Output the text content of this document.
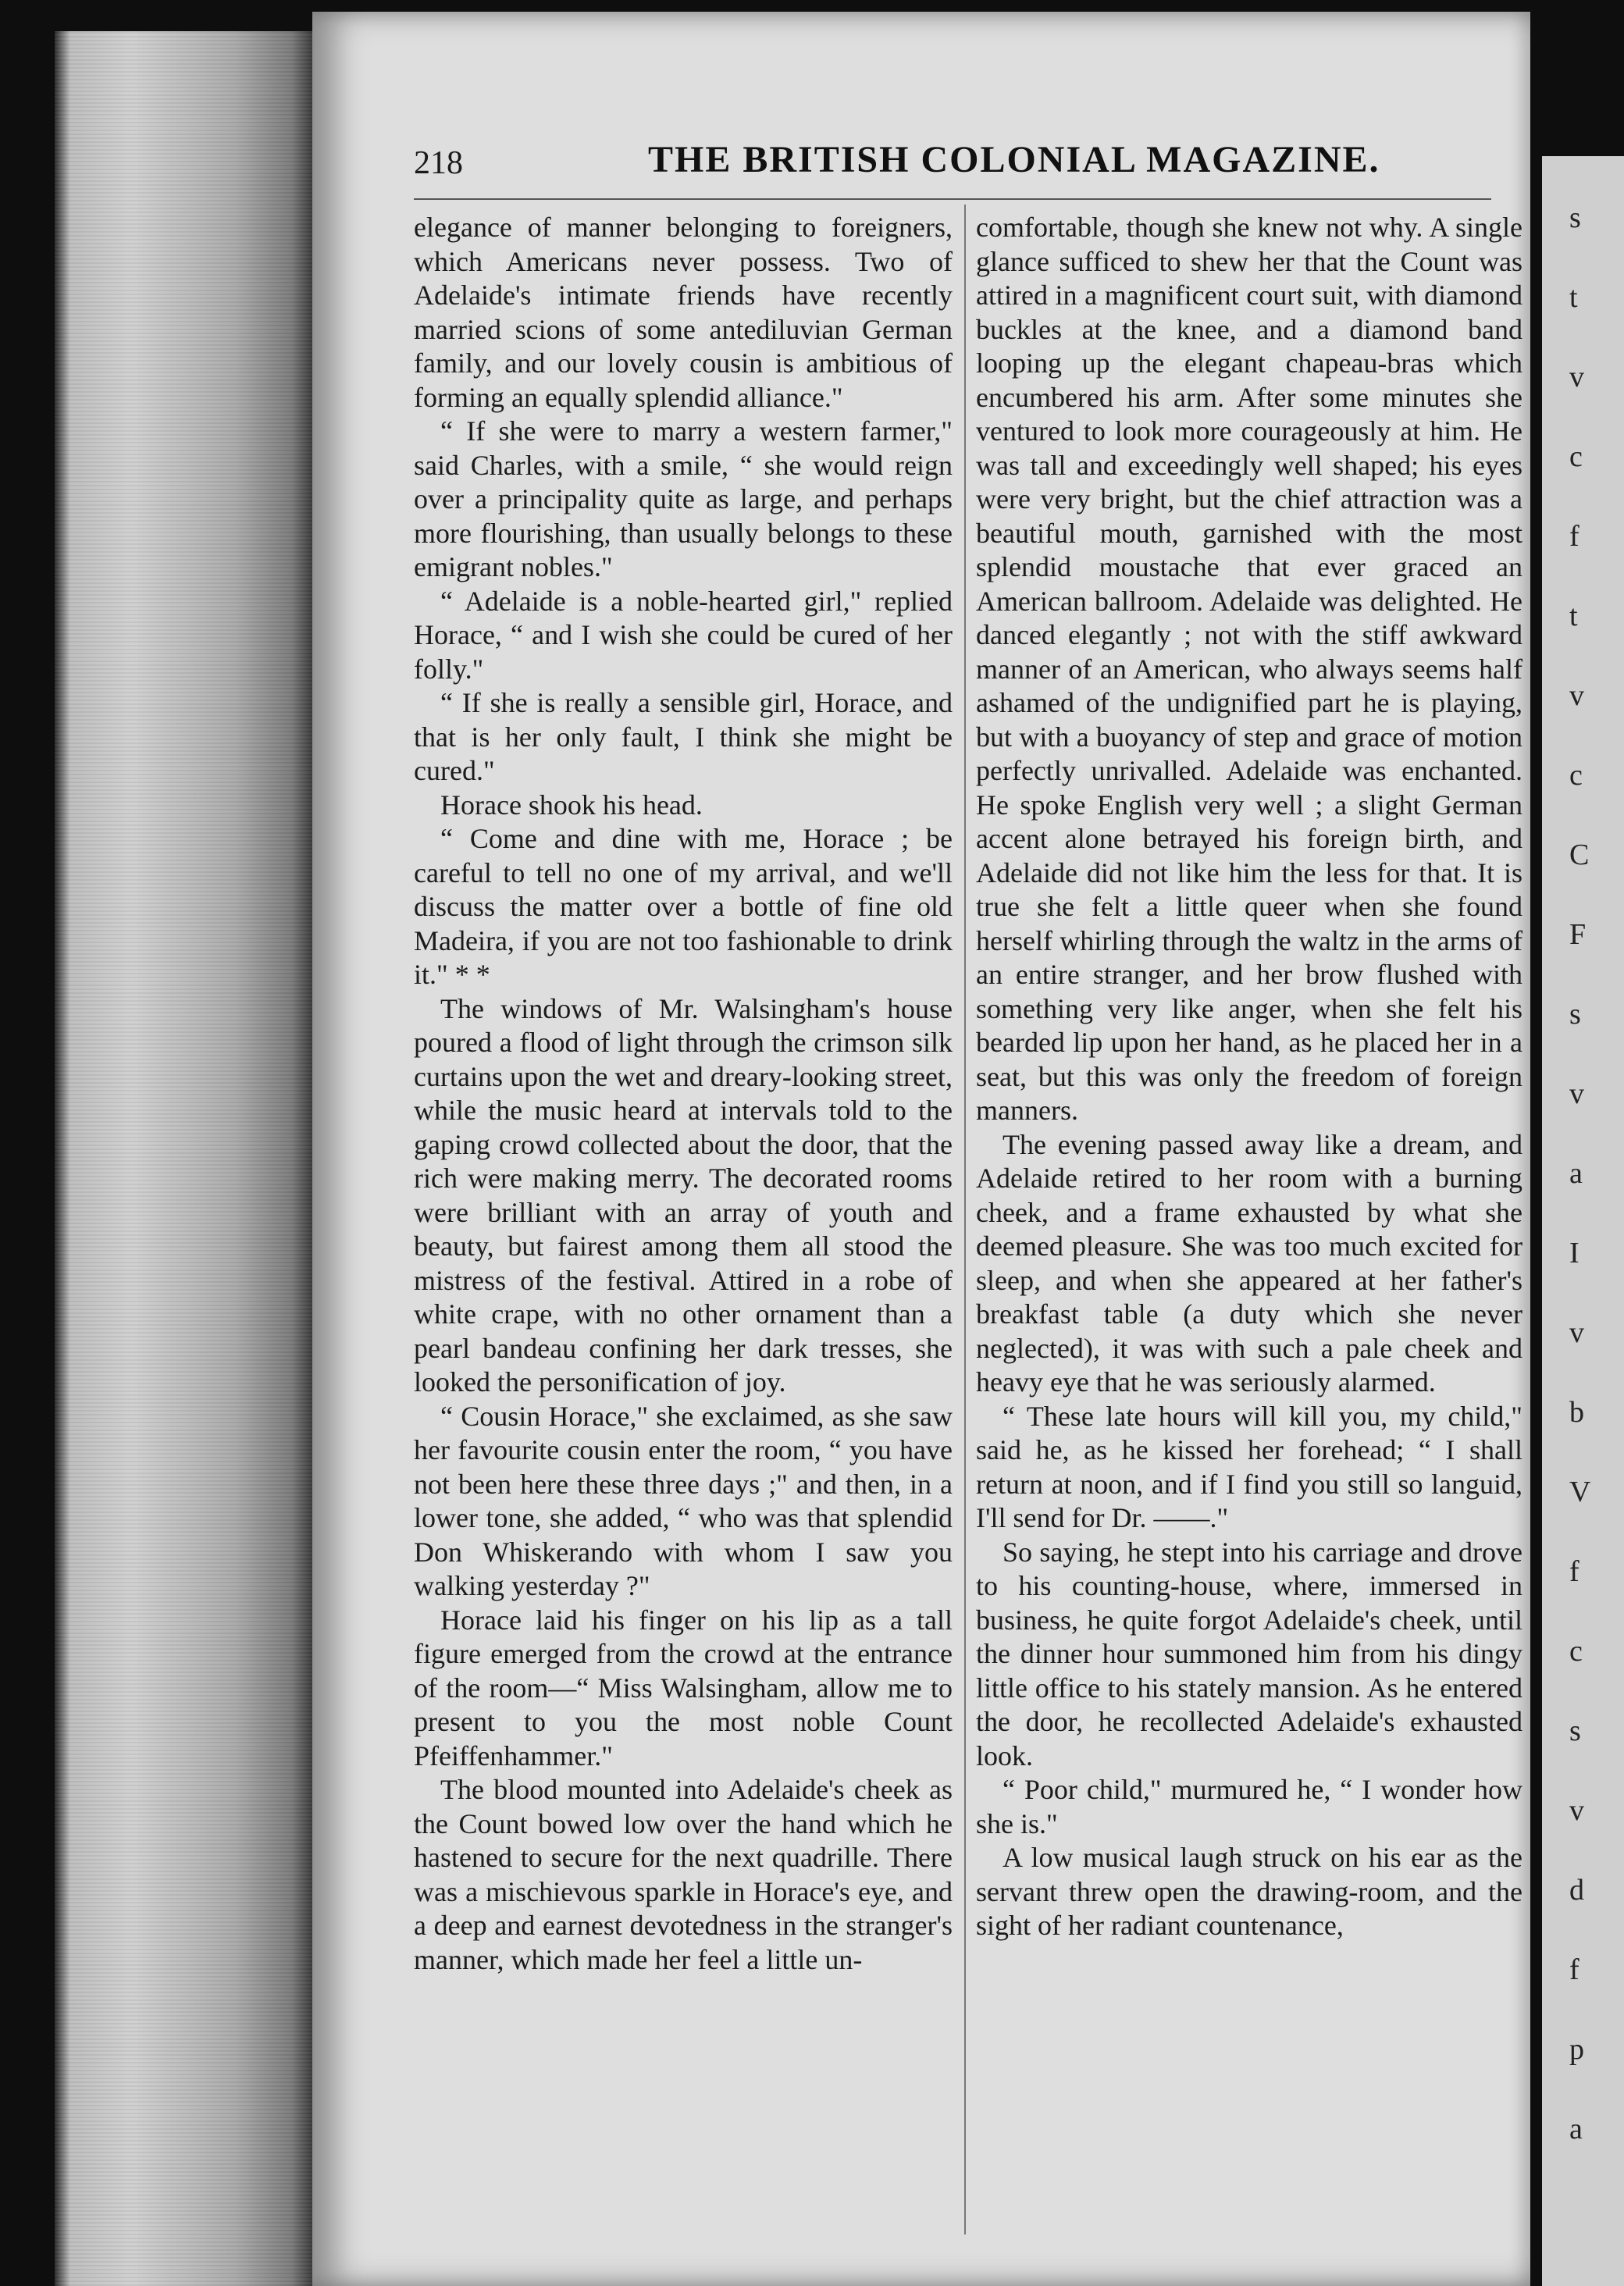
s
t
v
c
f
t
v
c
C
F
s
v
a
I
v
b
V
f
c
s
v
d
f
p
a
218	THE BRITISH COLONIAL MAGAZINE.

elegance of manner belonging to foreigners, which Americans never possess. Two of Adelaide's intimate friends have recently married scions of some antediluvian German family, and our lovely cousin is ambitious of forming an equally splendid alliance."

“ If she were to marry a western farmer," said Charles, with a smile, “ she would reign over a principality quite as large, and perhaps more flourishing, than usually belongs to these emigrant nobles."

“ Adelaide is a noble-hearted girl," replied Horace, “ and I wish she could be cured of her folly."

“ If she is really a sensible girl, Horace, and that is her only fault, I think she might be cured."

Horace shook his head.

“ Come and dine with me, Horace ; be careful to tell no one of my arrival, and we'll discuss the matter over a bottle of fine old Madeira, if you are not too fashionable to drink it." * *

The windows of Mr. Walsingham's house poured a flood of light through the crimson silk curtains upon the wet and dreary-looking street, while the music heard at intervals told to the gaping crowd collected about the door, that the rich were making merry. The decorated rooms were brilliant with an array of youth and beauty, but fairest among them all stood the mistress of the festival. Attired in a robe of white crape, with no other ornament than a pearl bandeau confining her dark tresses, she looked the personification of joy.

“ Cousin Horace," she exclaimed, as she saw her favourite cousin enter the room, “ you have not been here these three days ;" and then, in a lower tone, she added, “ who was that splendid Don Whiskerando with whom I saw you walking yesterday ?"

Horace laid his finger on his lip as a tall figure emerged from the crowd at the entrance of the room—“ Miss Walsingham, allow me to present to you the most noble Count Pfeiffenhammer."

The blood mounted into Adelaide's cheek as the Count bowed low over the hand which he hastened to secure for the next quadrille. There was a mischievous sparkle in Horace's eye, and a deep and earnest devotedness in the stranger's manner, which made her feel a little un-

comfortable, though she knew not why. A single glance sufficed to shew her that the Count was attired in a magnificent court suit, with diamond buckles at the knee, and a diamond band looping up the elegant chapeau-bras which encumbered his arm. After some minutes she ventured to look more courageously at him. He was tall and exceedingly well shaped; his eyes were very bright, but the chief attraction was a beautiful mouth, garnished with the most splendid moustache that ever graced an American ballroom. Adelaide was delighted. He danced elegantly ; not with the stiff awkward manner of an American, who always seems half ashamed of the undignified part he is playing, but with a buoyancy of step and grace of motion perfectly unrivalled. Adelaide was enchanted. He spoke English very well ; a slight German accent alone betrayed his foreign birth, and Adelaide did not like him the less for that. It is true she felt a little queer when she found herself whirling through the waltz in the arms of an entire stranger, and her brow flushed with something very like anger, when she felt his bearded lip upon her hand, as he placed her in a seat, but this was only the freedom of foreign manners.

The evening passed away like a dream, and Adelaide retired to her room with a burning cheek, and a frame exhausted by what she deemed pleasure. She was too much excited for sleep, and when she appeared at her father's breakfast table (a duty which she never neglected), it was with such a pale cheek and heavy eye that he was seriously alarmed.

“ These late hours will kill you, my child," said he, as he kissed her forehead; “ I shall return at noon, and if I find you still so languid, I'll send for Dr. ——."

So saying, he stept into his carriage and drove to his counting-house, where, immersed in business, he quite forgot Adelaide's cheek, until the dinner hour summoned him from his dingy little office to his stately mansion. As he entered the door, he recollected Adelaide's exhausted look.

“ Poor child," murmured he, “ I wonder how she is."

A low musical laugh struck on his ear as the servant threw open the drawing-room, and the sight of her radiant countenance,
